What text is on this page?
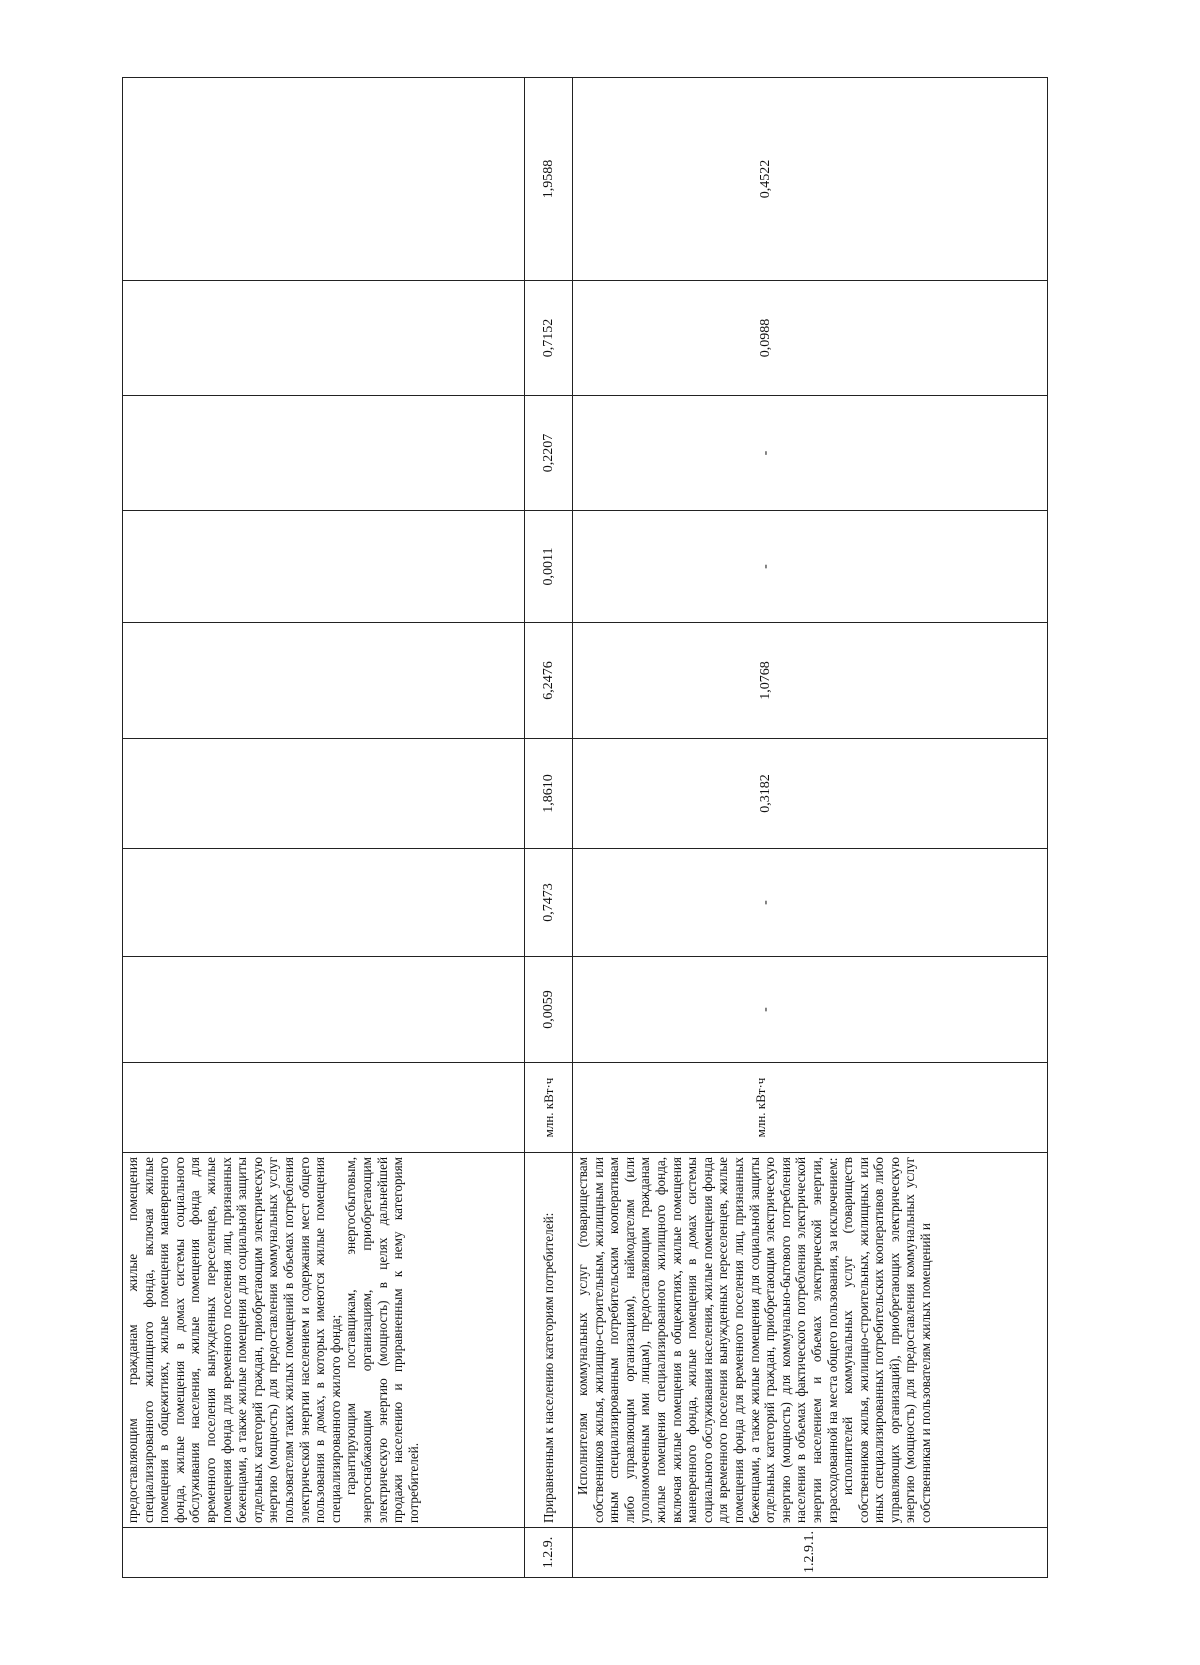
	предоставляющим гражданам жилые помещения специализированного жилищного фонда, включая жилые помещения в общежитиях, жилые помещения маневренного фонда, жилые помещения в домах системы социального обслуживания населения, жилые помещения фонда для временного поселения вынужденных переселенцев, жилые помещения фонда для временного поселения лиц, признанных беженцами, а также жилые помещения для социальной защиты отдельных категорий граждан, приобретающим электрическую энергию (мощность) для предоставления коммунальных услуг пользователям таких жилых помещений в объемах потребления электрической энергии населением и содержания мест общего пользования в домах, в которых имеются жилые помещения специализированного жилого фонда; гарантирующим поставщикам, энергосбытовым, энергоснабжающим организациям, приобретающим электрическую энергию (мощность) в целях дальнейшей продажи населению и приравненным к нему категориям потребителей.									

1.2.9.	Приравненным к населению категориям потребителей:	млн. кВт·ч	0,0059	0,7473	1,8610	6,2476	0,0011	0,2207	0,7152	1,9588
1.2.9.1.	Исполнителям коммунальных услуг (товариществам собственников жилья, жилищно-строительным, жилищным или иным специализированным потребительским кооперативам либо управляющим организациям), наймодателям (или уполномоченным ими лицам), предоставляющим гражданам жилые помещения специализированного жилищного фонда, включая жилые помещения в общежитиях, жилые помещения маневренного фонда, жилые помещения в домах системы социального обслуживания населения, жилые помещения фонда для временного поселения вынужденных переселенцев, жилые помещения фонда для временного поселения лиц, признанных беженцами, а также жилые помещения для социальной защиты отдельных категорий граждан, приобретающим электрическую энергию (мощность) для коммунально-бытового потребления населения в объемах фактического потребления электрической энергии населением и объемах электрической энергии, израсходованной на места общего пользования, за исключением: исполнителей коммунальных услуг (товариществ собственников жилья, жилищно-строительных, жилищных или иных специализированных потребительских кооперативов либо управляющих организаций), приобретающих электрическую энергию (мощность) для предоставления коммунальных услуг собственникам и пользователям жилых помещений и	млн. кВт·ч	-	-	0,3182	1,0768	-	-	0,0988	0,4522
